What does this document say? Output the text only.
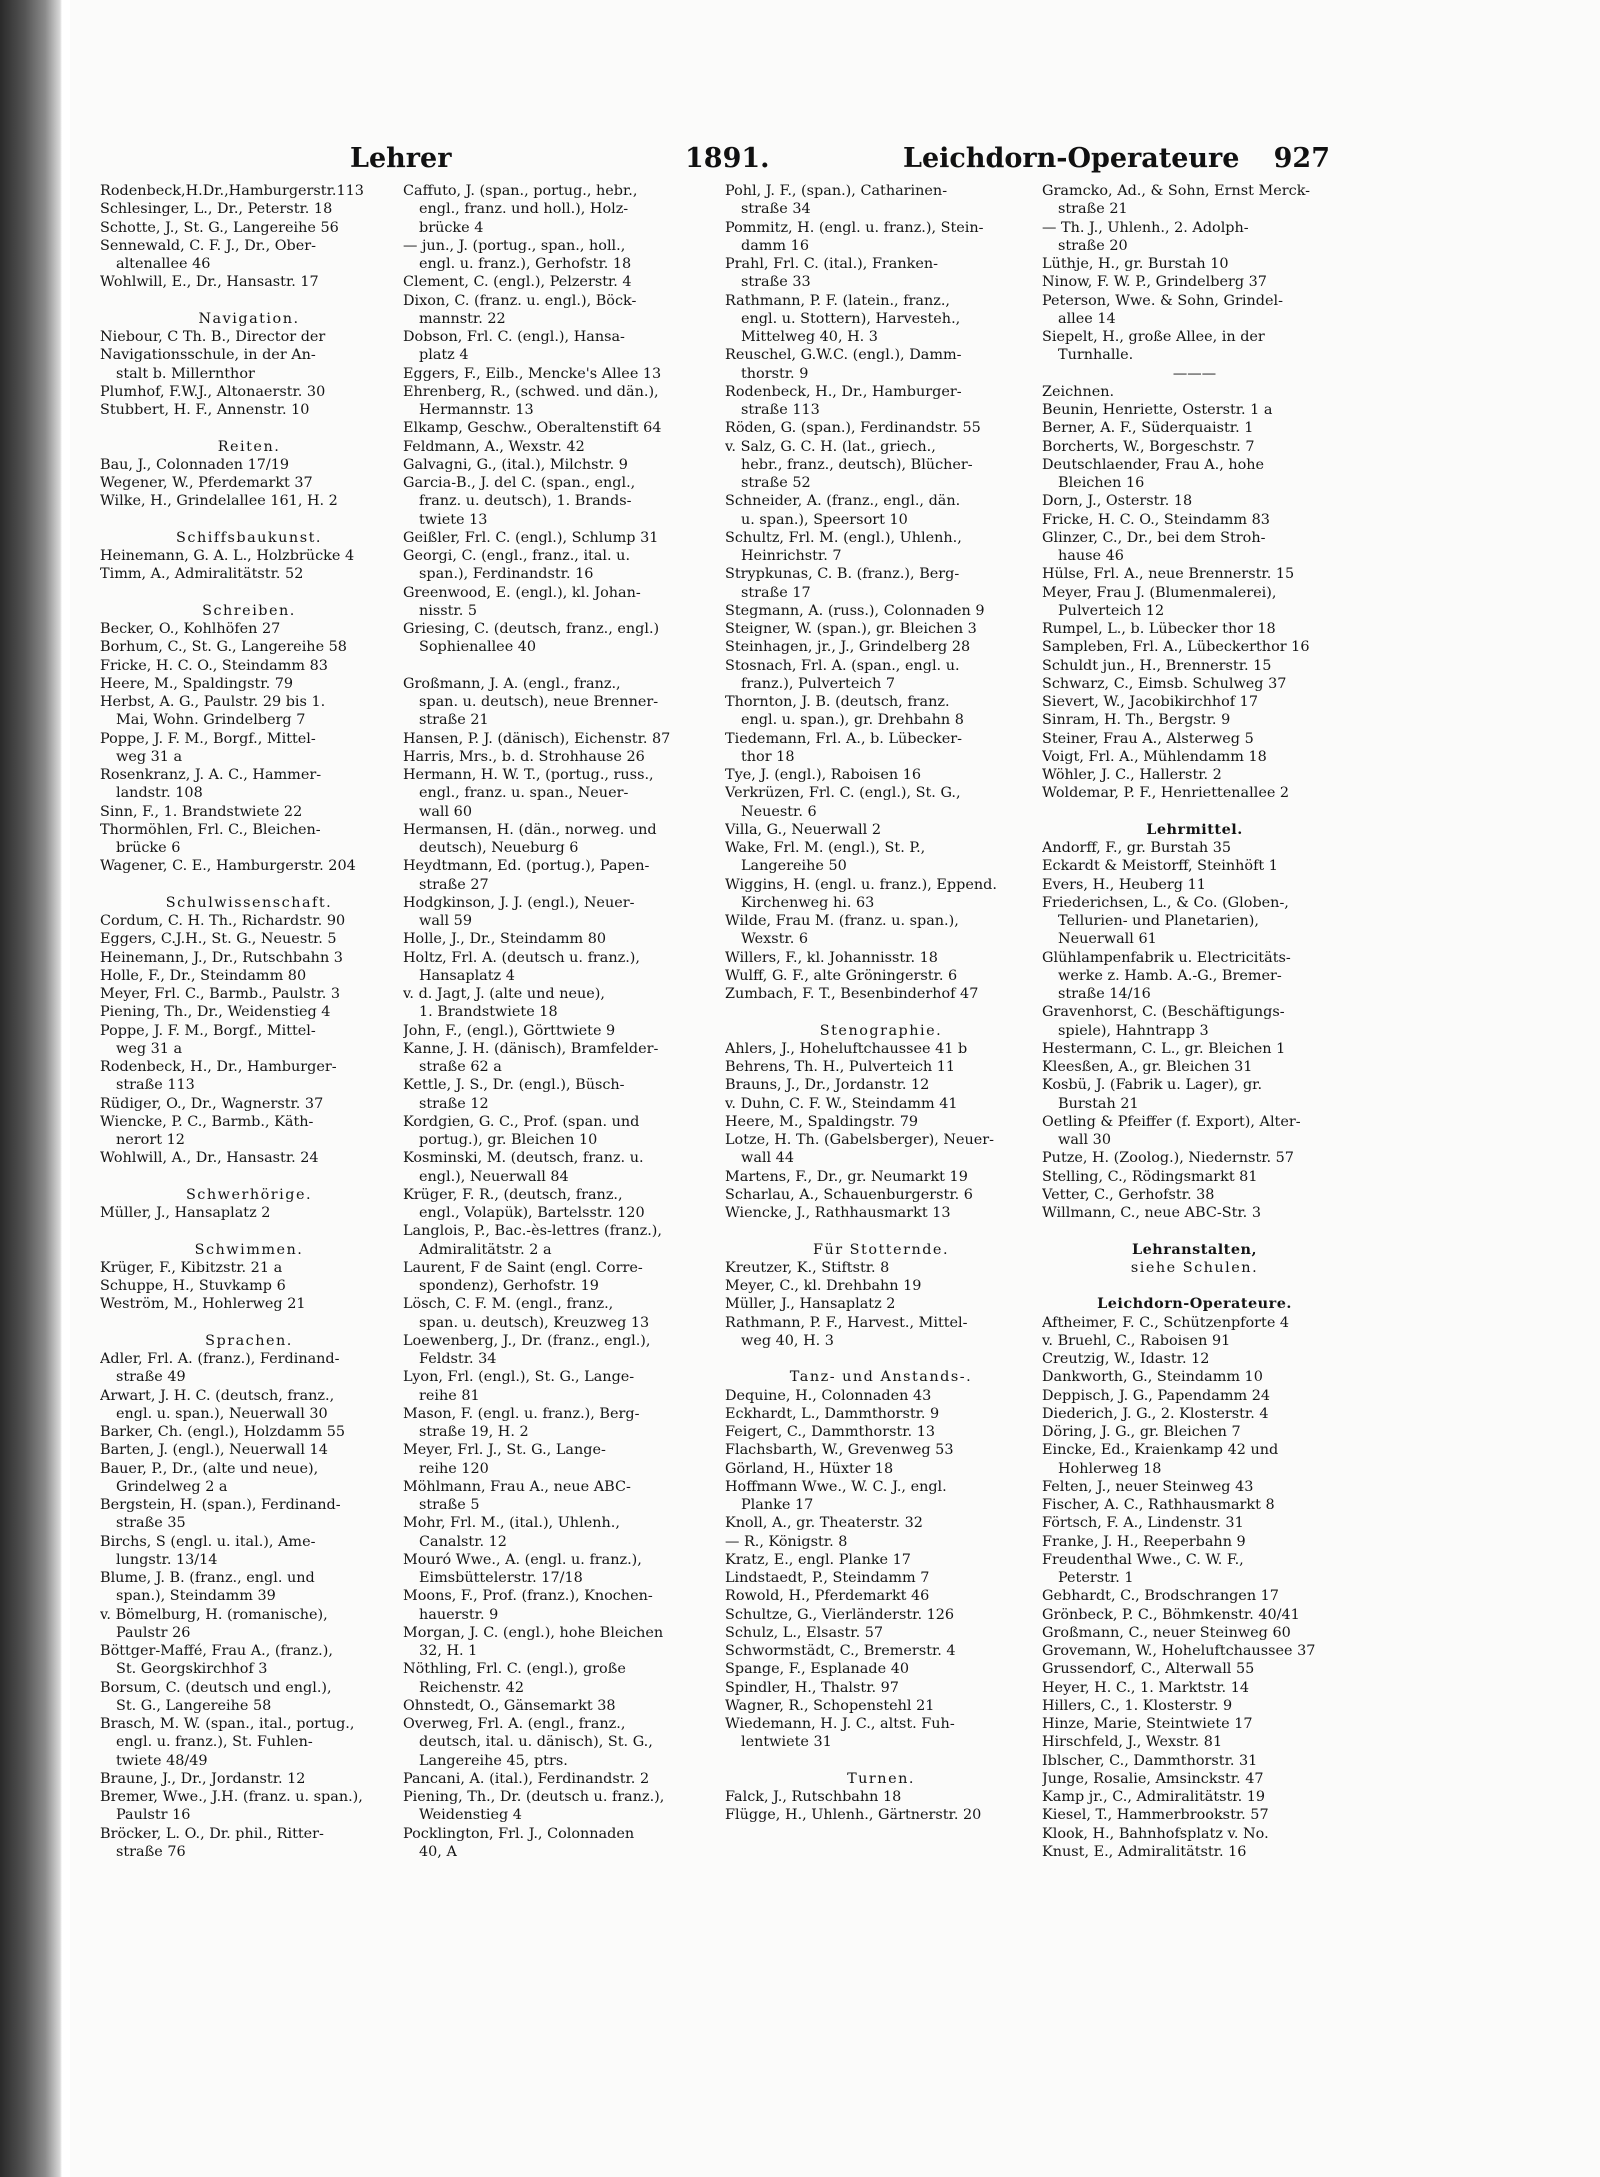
Lehrer	1891.	Leichdorn-Operateure 927
Rodenbeck,H.Dr.,Hamburgerstr.113
Schlesinger, L., Dr., Peterstr. 18
Schotte, J., St. G., Langereihe 56
Sennewald, C. F. J., Dr., Ober-
altenallee 46
Wohlwill, E., Dr., Hansastr. 17

Navigation.
Niebour, C Th. B., Director der
Navigationsschule, in der An-
stalt b. Millernthor
Plumhof, F.W.J., Altonaerstr. 30
Stubbert, H. F., Annenstr. 10

Reiten.
Bau, J., Colonnaden 17/19
Wegener, W., Pferdemarkt 37
Wilke, H., Grindelallee 161, H. 2

Schiffsbaukunst.
Heinemann, G. A. L., Holzbrücke 4
Timm, A., Admiralitätstr. 52

Schreiben.
Becker, O., Kohlhöfen 27
Borhum, C., St. G., Langereihe 58
Fricke, H. C. O., Steindamm 83
Heere, M., Spaldingstr. 79
Herbst, A. G., Paulstr. 29 bis 1.
Mai, Wohn. Grindelberg 7
Poppe, J. F. M., Borgf., Mittel-
weg 31 a
Rosenkranz, J. A. C., Hammer-
landstr. 108
Sinn, F., 1. Brandstwiete 22
Thormöhlen, Frl. C., Bleichen-
brücke 6
Wagener, C. E., Hamburgerstr. 204

Schulwissenschaft.
Cordum, C. H. Th., Richardstr. 90
Eggers, C.J.H., St. G., Neuestr. 5
Heinemann, J., Dr., Rutschbahn 3
Holle, F., Dr., Steindamm 80
Meyer, Frl. C., Barmb., Paulstr. 3
Piening, Th., Dr., Weidenstieg 4
Poppe, J. F. M., Borgf., Mittel-
weg 31 a
Rodenbeck, H., Dr., Hamburger-
straße 113
Rüdiger, O., Dr., Wagnerstr. 37
Wiencke, P. C., Barmb., Käth-
nerort 12
Wohlwill, A., Dr., Hansastr. 24

Schwerhörige.
Müller, J., Hansaplatz 2

Schwimmen.
Krüger, F., Kibitzstr. 21 a
Schuppe, H., Stuvkamp 6
Weström, M., Hohlerweg 21

Sprachen.
Adler, Frl. A. (franz.), Ferdinand-
straße 49
Arwart, J. H. C. (deutsch, franz.,
engl. u. span.), Neuerwall 30
Barker, Ch. (engl.), Holzdamm 55
Barten, J. (engl.), Neuerwall 14
Bauer, P., Dr., (alte und neue),
Grindelweg 2 a
Bergstein, H. (span.), Ferdinand-
straße 35
Birchs, S (engl. u. ital.), Ame-
lungstr. 13/14
Blume, J. B. (franz., engl. und
span.), Steindamm 39
v. Bömelburg, H. (romanische),
Paulstr 26
Böttger-Maffé, Frau A., (franz.),
St. Georgskirchhof 3
Borsum, C. (deutsch und engl.),
St. G., Langereihe 58
Brasch, M. W. (span., ital., portug.,
engl. u. franz.), St. Fuhlen-
twiete 48/49
Braune, J., Dr., Jordanstr. 12
Bremer, Wwe., J.H. (franz. u. span.),
Paulstr 16
Bröcker, L. O., Dr. phil., Ritter-
straße 76
Caffuto, J. (span., portug., hebr.,
engl., franz. und holl.), Holz-
brücke 4
— jun., J. (portug., span., holl.,
engl. u. franz.), Gerhofstr. 18
Clement, C. (engl.), Pelzerstr. 4
Dixon, C. (franz. u. engl.), Böck-
mannstr. 22
Dobson, Frl. C. (engl.), Hansa-
platz 4
Eggers, F., Eilb., Mencke's Allee 13
Ehrenberg, R., (schwed. und dän.),
Hermannstr. 13
Elkamp, Geschw., Oberaltenstift 64
Feldmann, A., Wexstr. 42
Galvagni, G., (ital.), Milchstr. 9
Garcia-B., J. del C. (span., engl.,
franz. u. deutsch), 1. Brands-
twiete 13
Geißler, Frl. C. (engl.), Schlump 31
Georgi, C. (engl., franz., ital. u.
span.), Ferdinandstr. 16
Greenwood, E. (engl.), kl. Johan-
nisstr. 5
Griesing, C. (deutsch, franz., engl.)
Sophienallee 40

Großmann, J. A. (engl., franz.,
span. u. deutsch), neue Brenner-
straße 21
Hansen, P. J. (dänisch), Eichenstr. 87
Harris, Mrs., b. d. Strohhause 26
Hermann, H. W. T., (portug., russ.,
engl., franz. u. span., Neuer-
wall 60
Hermansen, H. (dän., norweg. und
deutsch), Neueburg 6
Heydtmann, Ed. (portug.), Papen-
straße 27
Hodgkinson, J. J. (engl.), Neuer-
wall 59
Holle, J., Dr., Steindamm 80
Holtz, Frl. A. (deutsch u. franz.),
Hansaplatz 4
v. d. Jagt, J. (alte und neue),
1. Brandstwiete 18
John, F., (engl.), Görttwiete 9
Kanne, J. H. (dänisch), Bramfelder-
straße 62 a
Kettle, J. S., Dr. (engl.), Büsch-
straße 12
Kordgien, G. C., Prof. (span. und
portug.), gr. Bleichen 10
Kosminski, M. (deutsch, franz. u.
engl.), Neuerwall 84
Krüger, F. R., (deutsch, franz.,
engl., Volapük), Bartelsstr. 120
Langlois, P., Bac.-ès-lettres (franz.),
Admiralitätstr. 2 a
Laurent, F de Saint (engl. Corre-
spondenz), Gerhofstr. 19
Lösch, C. F. M. (engl., franz.,
span. u. deutsch), Kreuzweg 13
Loewenberg, J., Dr. (franz., engl.),
Feldstr. 34
Lyon, Frl. (engl.), St. G., Lange-
reihe 81
Mason, F. (engl. u. franz.), Berg-
straße 19, H. 2
Meyer, Frl. J., St. G., Lange-
reihe 120
Möhlmann, Frau A., neue ABC-
straße 5
Mohr, Frl. M., (ital.), Uhlenh.,
Canalstr. 12
Mouró Wwe., A. (engl. u. franz.),
Eimsbüttelerstr. 17/18
Moons, F., Prof. (franz.), Knochen-
hauerstr. 9
Morgan, J. C. (engl.), hohe Bleichen
32, H. 1
Nöthling, Frl. C. (engl.), große
Reichenstr. 42
Ohnstedt, O., Gänsemarkt 38
Overweg, Frl. A. (engl., franz.,
deutsch, ital. u. dänisch), St. G.,
Langereihe 45, ptrs.
Pancani, A. (ital.), Ferdinandstr. 2
Piening, Th., Dr. (deutsch u. franz.),
Weidenstieg 4
Pocklington, Frl. J., Colonnaden
40, A
Pohl, J. F., (span.), Catharinen-
straße 34
Pommitz, H. (engl. u. franz.), Stein-
damm 16
Prahl, Frl. C. (ital.), Franken-
straße 33
Rathmann, P. F. (latein., franz.,
engl. u. Stottern), Harvesteh.,
Mittelweg 40, H. 3
Reuschel, G.W.C. (engl.), Damm-
thorstr. 9
Rodenbeck, H., Dr., Hamburger-
straße 113
Röden, G. (span.), Ferdinandstr. 55
v. Salz, G. C. H. (lat., griech.,
hebr., franz., deutsch), Blücher-
straße 52
Schneider, A. (franz., engl., dän.
u. span.), Speersort 10
Schultz, Frl. M. (engl.), Uhlenh.,
Heinrichstr. 7
Strypkunas, C. B. (franz.), Berg-
straße 17
Stegmann, A. (russ.), Colonnaden 9
Steigner, W. (span.), gr. Bleichen 3
Steinhagen, jr., J., Grindelberg 28
Stosnach, Frl. A. (span., engl. u.
franz.), Pulverteich 7
Thornton, J. B. (deutsch, franz.
engl. u. span.), gr. Drehbahn 8
Tiedemann, Frl. A., b. Lübecker-
thor 18
Tye, J. (engl.), Raboisen 16
Verkrüzen, Frl. C. (engl.), St. G.,
Neuestr. 6
Villa, G., Neuerwall 2
Wake, Frl. M. (engl.), St. P.,
Langereihe 50
Wiggins, H. (engl. u. franz.), Eppend.
Kirchenweg hi. 63
Wilde, Frau M. (franz. u. span.),
Wexstr. 6
Willers, F., kl. Johannisstr. 18
Wulff, G. F., alte Gröningerstr. 6
Zumbach, F. T., Besenbinderhof 47

Stenographie.
Ahlers, J., Hoheluftchaussee 41 b
Behrens, Th. H., Pulverteich 11
Brauns, J., Dr., Jordanstr. 12
v. Duhn, C. F. W., Steindamm 41
Heere, M., Spaldingstr. 79
Lotze, H. Th. (Gabelsberger), Neuer-
wall 44
Martens, F., Dr., gr. Neumarkt 19
Scharlau, A., Schauenburgerstr. 6
Wiencke, J., Rathhausmarkt 13

Für Stotternde.
Kreutzer, K., Stiftstr. 8
Meyer, C., kl. Drehbahn 19
Müller, J., Hansaplatz 2
Rathmann, P. F., Harvest., Mittel-
weg 40, H. 3

Tanz- und Anstands-.
Dequine, H., Colonnaden 43
Eckhardt, L., Dammthorstr. 9
Feigert, C., Dammthorstr. 13
Flachsbarth, W., Grevenweg 53
Görland, H., Hüxter 18
Hoffmann Wwe., W. C. J., engl.
Planke 17
Knoll, A., gr. Theaterstr. 32
— R., Königstr. 8
Kratz, E., engl. Planke 17
Lindstaedt, P., Steindamm 7
Rowold, H., Pferdemarkt 46
Schultze, G., Vierländerstr. 126
Schulz, L., Elsastr. 57
Schwormstädt, C., Bremerstr. 4
Spange, F., Esplanade 40
Spindler, H., Thalstr. 97
Wagner, R., Schopenstehl 21
Wiedemann, H. J. C., altst. Fuh-
lentwiete 31

Turnen.
Falck, J., Rutschbahn 18
Flügge, H., Uhlenh., Gärtnerstr. 20
Gramcko, Ad., & Sohn, Ernst Merck-
straße 21
— Th. J., Uhlenh., 2. Adolph-
straße 20
Lüthje, H., gr. Burstah 10
Ninow, F. W. P., Grindelberg 37
Peterson, Wwe. & Sohn, Grindel-
allee 14
Siepelt, H., große Allee, in der
Turnhalle.
———
Zeichnen.
Beunin, Henriette, Osterstr. 1 a
Berner, A. F., Süderquaistr. 1
Borcherts, W., Borgeschstr. 7
Deutschlaender, Frau A., hohe
Bleichen 16
Dorn, J., Osterstr. 18
Fricke, H. C. O., Steindamm 83
Glinzer, C., Dr., bei dem Stroh-
hause 46
Hülse, Frl. A., neue Brennerstr. 15
Meyer, Frau J. (Blumenmalerei),
Pulverteich 12
Rumpel, L., b. Lübecker thor 18
Sampleben, Frl. A., Lübeckerthor 16
Schuldt jun., H., Brennerstr. 15
Schwarz, C., Eimsb. Schulweg 37
Sievert, W., Jacobikirchhof 17
Sinram, H. Th., Bergstr. 9
Steiner, Frau A., Alsterweg 5
Voigt, Frl. A., Mühlendamm 18
Wöhler, J. C., Hallerstr. 2
Woldemar, P. F., Henriettenallee 2

Lehrmittel.
Andorff, F., gr. Burstah 35
Eckardt & Meistorff, Steinhöft 1
Evers, H., Heuberg 11
Friederichsen, L., & Co. (Globen-,
Tellurien- und Planetarien),
Neuerwall 61
Glühlampenfabrik u. Electricitäts-
werke z. Hamb. A.-G., Bremer-
straße 14/16
Gravenhorst, C. (Beschäftigungs-
spiele), Hahntrapp 3
Hestermann, C. L., gr. Bleichen 1
Kleesßen, A., gr. Bleichen 31
Kosbü, J. (Fabrik u. Lager), gr.
Burstah 21
Oetling & Pfeiffer (f. Export), Alter-
wall 30
Putze, H. (Zoolog.), Niedernstr. 57
Stelling, C., Rödingsmarkt 81
Vetter, C., Gerhofstr. 38
Willmann, C., neue ABC-Str. 3

Lehranstalten,
siehe Schulen.

Leichdorn-Operateure.
Aftheimer, F. C., Schützenpforte 4
v. Bruehl, C., Raboisen 91
Creutzig, W., Idastr. 12
Dankworth, G., Steindamm 10
Deppisch, J. G., Papendamm 24
Diederich, J. G., 2. Klosterstr. 4
Döring, J. G., gr. Bleichen 7
Eincke, Ed., Kraienkamp 42 und
Hohlerweg 18
Felten, J., neuer Steinweg 43
Fischer, A. C., Rathhausmarkt 8
Förtsch, F. A., Lindenstr. 31
Franke, J. H., Reeperbahn 9
Freudenthal Wwe., C. W. F.,
Peterstr. 1
Gebhardt, C., Brodschrangen 17
Grönbeck, P. C., Böhmkenstr. 40/41
Großmann, C., neuer Steinweg 60
Grovemann, W., Hoheluftchaussee 37
Grussendorf, C., Alterwall 55
Heyer, H. C., 1. Marktstr. 14
Hillers, C., 1. Klosterstr. 9
Hinze, Marie, Steintwiete 17
Hirschfeld, J., Wexstr. 81
Iblscher, C., Dammthorstr. 31
Junge, Rosalie, Amsinckstr. 47
Kamp jr., C., Admiralitätstr. 19
Kiesel, T., Hammerbrookstr. 57
Klook, H., Bahnhofsplatz v. No.
Knust, E., Admiralitätstr. 16
